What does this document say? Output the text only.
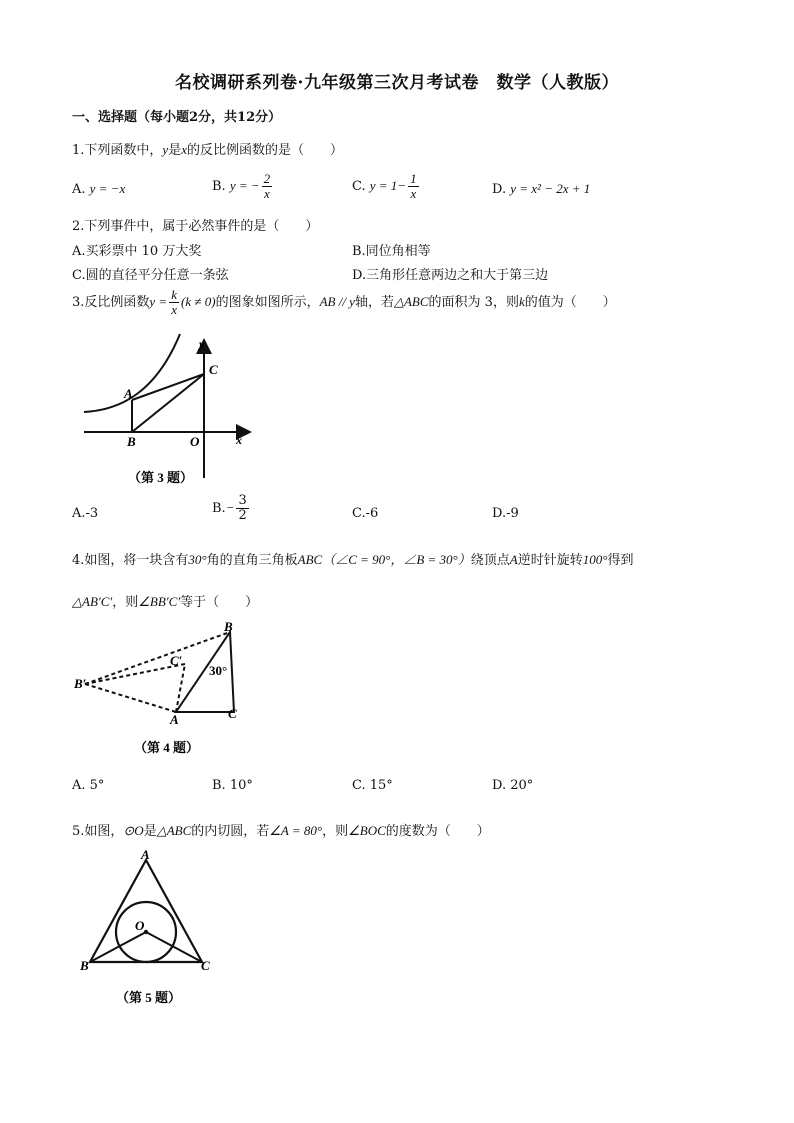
名校调研系列卷·九年级第三次月考试卷　数学（人教版）
一、选择题（每小题2分，共12分）
1.下列函数中，y是x的反比例函数的是（　　）
A. y = −x	B. y = − $\frac{2}{x}$	C. $y = 1- \frac{1}{x}$	D. y = x² − 2x + 1
2.下列事件中，属于必然事件的是（　　）
A.买彩票中 10 万大奖	B.同位角相等
C.圆的直径平分任意一条弦	D.三角形任意两边之和大于第三边
3.反比例函数$y = \frac{k}{x} (k \ne 0)$的图象如图所示，AB // y轴，若△ABC的面积为 3，则k的值为（　　）
y
C
A
B	O	x
（第 3 题）
A.-3	$B.- \frac{3}{2}$	C.-6	D.-9
4.如图，将一块含有30°角的直角三角板ABC（∠C = 90°，∠B = 30°）绕顶点A逆时针旋转100°得到
△AB′C′，则∠BB′C′等于（　　）
B
B′
C′
30°
A	C
（第 4 题）
A. 5°	B. 10°	C. 15°	D. 20°
5.如图，⊙O是△ABC的内切圆，若∠A = 80°，则∠BOC的度数为（　　）
A
O
B	C
（第 5 题）
